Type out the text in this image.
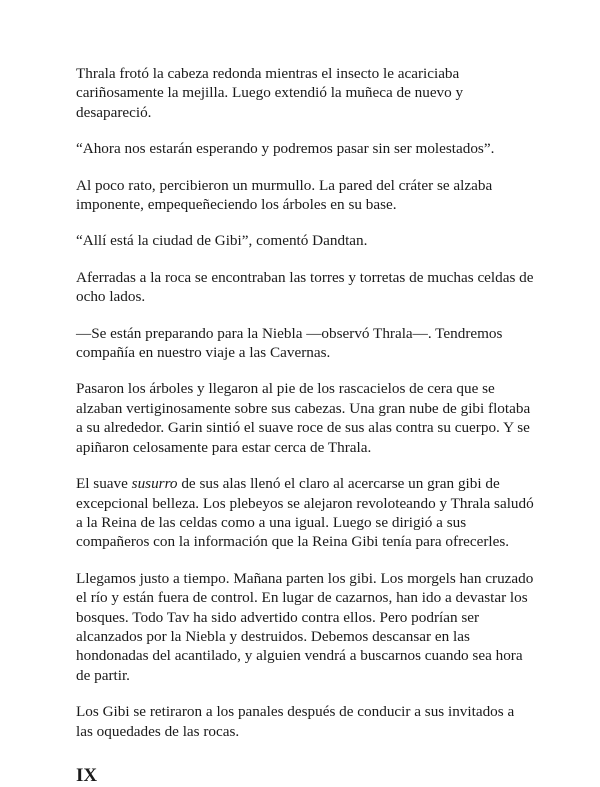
Thrala frotó la cabeza redonda mientras el insecto le acariciaba cariñosamente la mejilla. Luego extendió la muñeca de nuevo y desapareció.

“Ahora nos estarán esperando y podremos pasar sin ser molestados”.

Al poco rato, percibieron un murmullo. La pared del cráter se alzaba imponente, empequeñeciendo los árboles en su base.

“Allí está la ciudad de Gibi”, comentó Dandtan.

Aferradas a la roca se encontraban las torres y torretas de muchas celdas de ocho lados.

—Se están preparando para la Niebla —observó Thrala—. Tendremos compañía en nuestro viaje a las Cavernas.

Pasaron los árboles y llegaron al pie de los rascacielos de cera que se alzaban vertiginosamente sobre sus cabezas. Una gran nube de gibi flotaba a su alrededor. Garin sintió el suave roce de sus alas contra su cuerpo. Y se apiñaron celosamente para estar cerca de Thrala.

El suave susurro de sus alas llenó el claro al acercarse un gran gibi de excepcional belleza. Los plebeyos se alejaron revoloteando y Thrala saludó a la Reina de las celdas como a una igual. Luego se dirigió a sus compañeros con la información que la Reina Gibi tenía para ofrecerles.

Llegamos justo a tiempo. Mañana parten los gibi. Los morgels han cruzado el río y están fuera de control. En lugar de cazarnos, han ido a devastar los bosques. Todo Tav ha sido advertido contra ellos. Pero podrían ser alcanzados por la Niebla y destruidos. Debemos descansar en las hondonadas del acantilado, y alguien vendrá a buscarnos cuando sea hora de partir.

Los Gibi se retiraron a los panales después de conducir a sus invitados a las oquedades de las rocas.

IX
